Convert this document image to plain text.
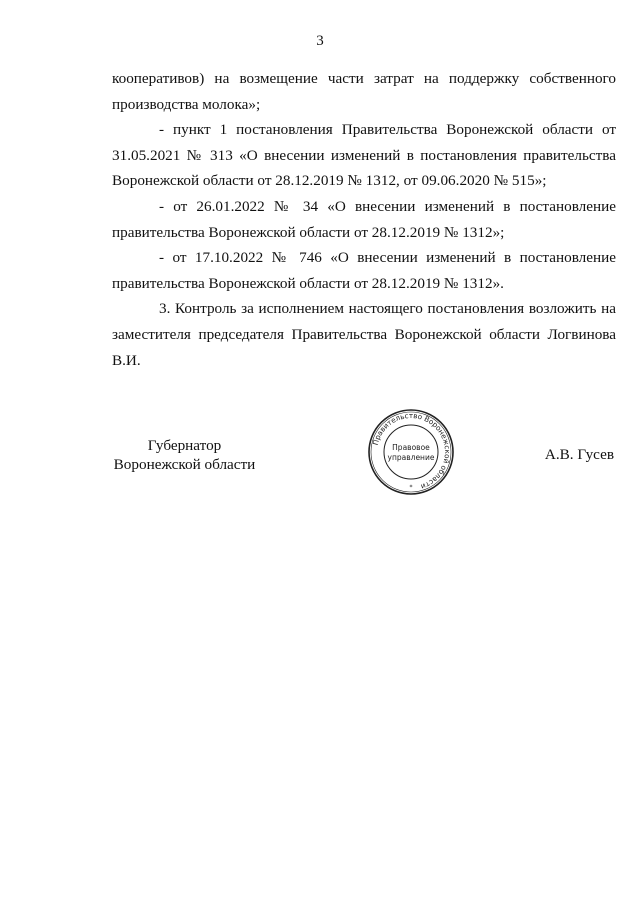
3

кооперативов) на возмещение части затрат на поддержку собственного производства молока»;

- пункт 1 постановления Правительства Воронежской области от 31.05.2021 № 313 «О внесении изменений в постановления правительства Воронежской области от 28.12.2019 № 1312, от 09.06.2020 № 515»;

- от 26.01.2022 № 34 «О внесении изменений в постановление правительства Воронежской области от 28.12.2019 № 1312»;

- от 17.10.2022 № 746 «О внесении изменений в постановление правительства Воронежской области от 28.12.2019 № 1312».

3. Контроль за исполнением настоящего постановления возложить на заместителя председателя Правительства Воронежской области Логвинова В.И.

Губернатор
Воронежской области
Правительство Воронежской области
Правовое
управление
*
А.В. Гусев
